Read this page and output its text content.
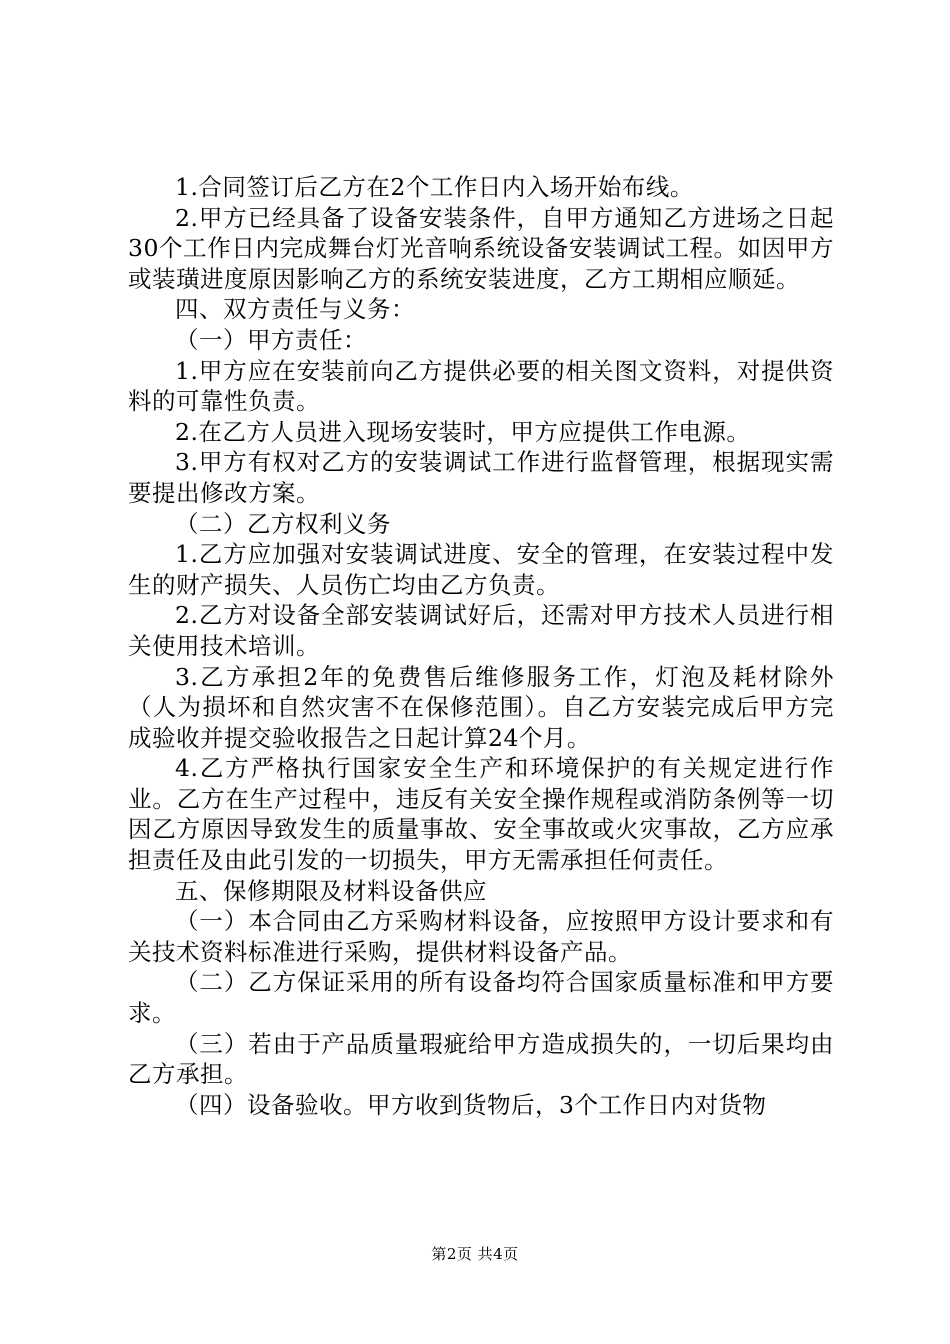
1.合同签订后乙方在2个工作日内入场开始布线。

2.甲方已经具备了设备安装条件，自甲方通知乙方进场之日起30个工作日内完成舞台灯光音响系统设备安装调试工程。如因甲方或装璜进度原因影响乙方的系统安装进度，乙方工期相应顺延。

四、双方责任与义务：

（一）甲方责任：

1.甲方应在安装前向乙方提供必要的相关图文资料，对提供资料的可靠性负责。

2.在乙方人员进入现场安装时，甲方应提供工作电源。

3.甲方有权对乙方的安装调试工作进行监督管理，根据现实需要提出修改方案。

（二）乙方权利义务

1.乙方应加强对安装调试进度、安全的管理，在安装过程中发生的财产损失、人员伤亡均由乙方负责。

2.乙方对设备全部安装调试好后，还需对甲方技术人员进行相关使用技术培训。

3.乙方承担2年的免费售后维修服务工作，灯泡及耗材除外（人为损坏和自然灾害不在保修范围）。自乙方安装完成后甲方完成验收并提交验收报告之日起计算24个月。

4.乙方严格执行国家安全生产和环境保护的有关规定进行作业。乙方在生产过程中，违反有关安全操作规程或消防条例等一切因乙方原因导致发生的质量事故、安全事故或火灾事故，乙方应承担责任及由此引发的一切损失，甲方无需承担任何责任。

五、保修期限及材料设备供应

（一）本合同由乙方采购材料设备，应按照甲方设计要求和有关技术资料标准进行采购，提供材料设备产品。

（二）乙方保证采用的所有设备均符合国家质量标准和甲方要求。

（三）若由于产品质量瑕疵给甲方造成损失的，一切后果均由乙方承担。

（四）设备验收。甲方收到货物后，3个工作日内对货物

第2页 共4页
